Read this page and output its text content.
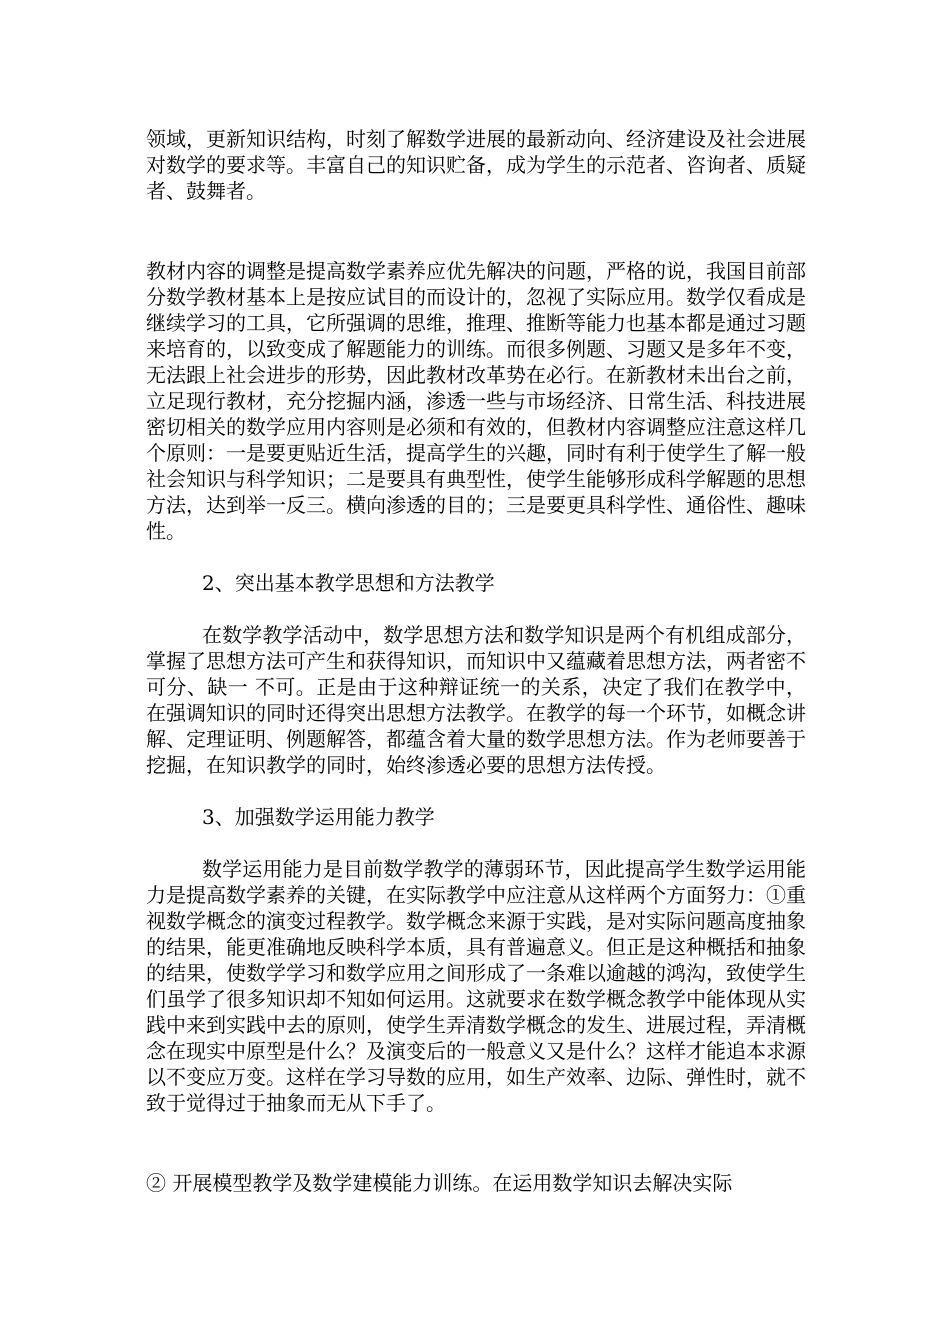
领域，更新知识结构，时刻了解数学进展的最新动向、经济建设及社会进展对数学的要求等。丰富自己的知识贮备，成为学生的示范者、咨询者、质疑者、鼓舞者。

教材内容的调整是提高数学素养应优先解决的问题，严格的说，我国目前部分数学教材基本上是按应试目的而设计的，忽视了实际应用。数学仅看成是继续学习的工具，它所强调的思维，推理、推断等能力也基本都是通过习题来培育的，以致变成了解题能力的训练。而很多例题、习题又是多年不变，无法跟上社会进步的形势，因此教材改革势在必行。在新教材未出台之前，立足现行教材，充分挖掘内涵，渗透一些与市场经济、日常生活、科技进展密切相关的数学应用内容则是必须和有效的，但教材内容调整应注意这样几个原则：一是要更贴近生活，提高学生的兴趣，同时有利于使学生了解一般社会知识与科学知识；二是要具有典型性，使学生能够形成科学解题的思想方法，达到举一反三。横向渗透的目的；三是要更具科学性、通俗性、趣味性。

2、突出基本教学思想和方法教学

在数学教学活动中，数学思想方法和数学知识是两个有机组成部分，掌握了思想方法可产生和获得知识，而知识中又蕴藏着思想方法，两者密不可分、缺一 不可。正是由于这种辩证统一的关系，决定了我们在教学中，在强调知识的同时还得突出思想方法教学。在教学的每一个环节，如概念讲解、定理证明、例题解答，都蕴含着大量的数学思想方法。作为老师要善于挖掘，在知识教学的同时，始终渗透必要的思想方法传授。

3、加强数学运用能力教学

数学运用能力是目前数学教学的薄弱环节，因此提高学生数学运用能力是提高数学素养的关键，在实际教学中应注意从这样两个方面努力：①重视数学概念的演变过程教学。数学概念来源于实践，是对实际问题高度抽象的结果，能更准确地反映科学本质，具有普遍意义。但正是这种概括和抽象的结果，使数学学习和数学应用之间形成了一条难以逾越的鸿沟，致使学生们虽学了很多知识却不知如何运用。这就要求在数学概念教学中能体现从实践中来到实践中去的原则，使学生弄清数学概念的发生、进展过程，弄清概念在现实中原型是什么？及演变后的一般意义又是什么？这样才能追本求源以不变应万变。这样在学习导数的应用，如生产效率、边际、弹性时，就不致于觉得过于抽象而无从下手了。

② 开展模型教学及数学建模能力训练。在运用数学知识去解决实际
